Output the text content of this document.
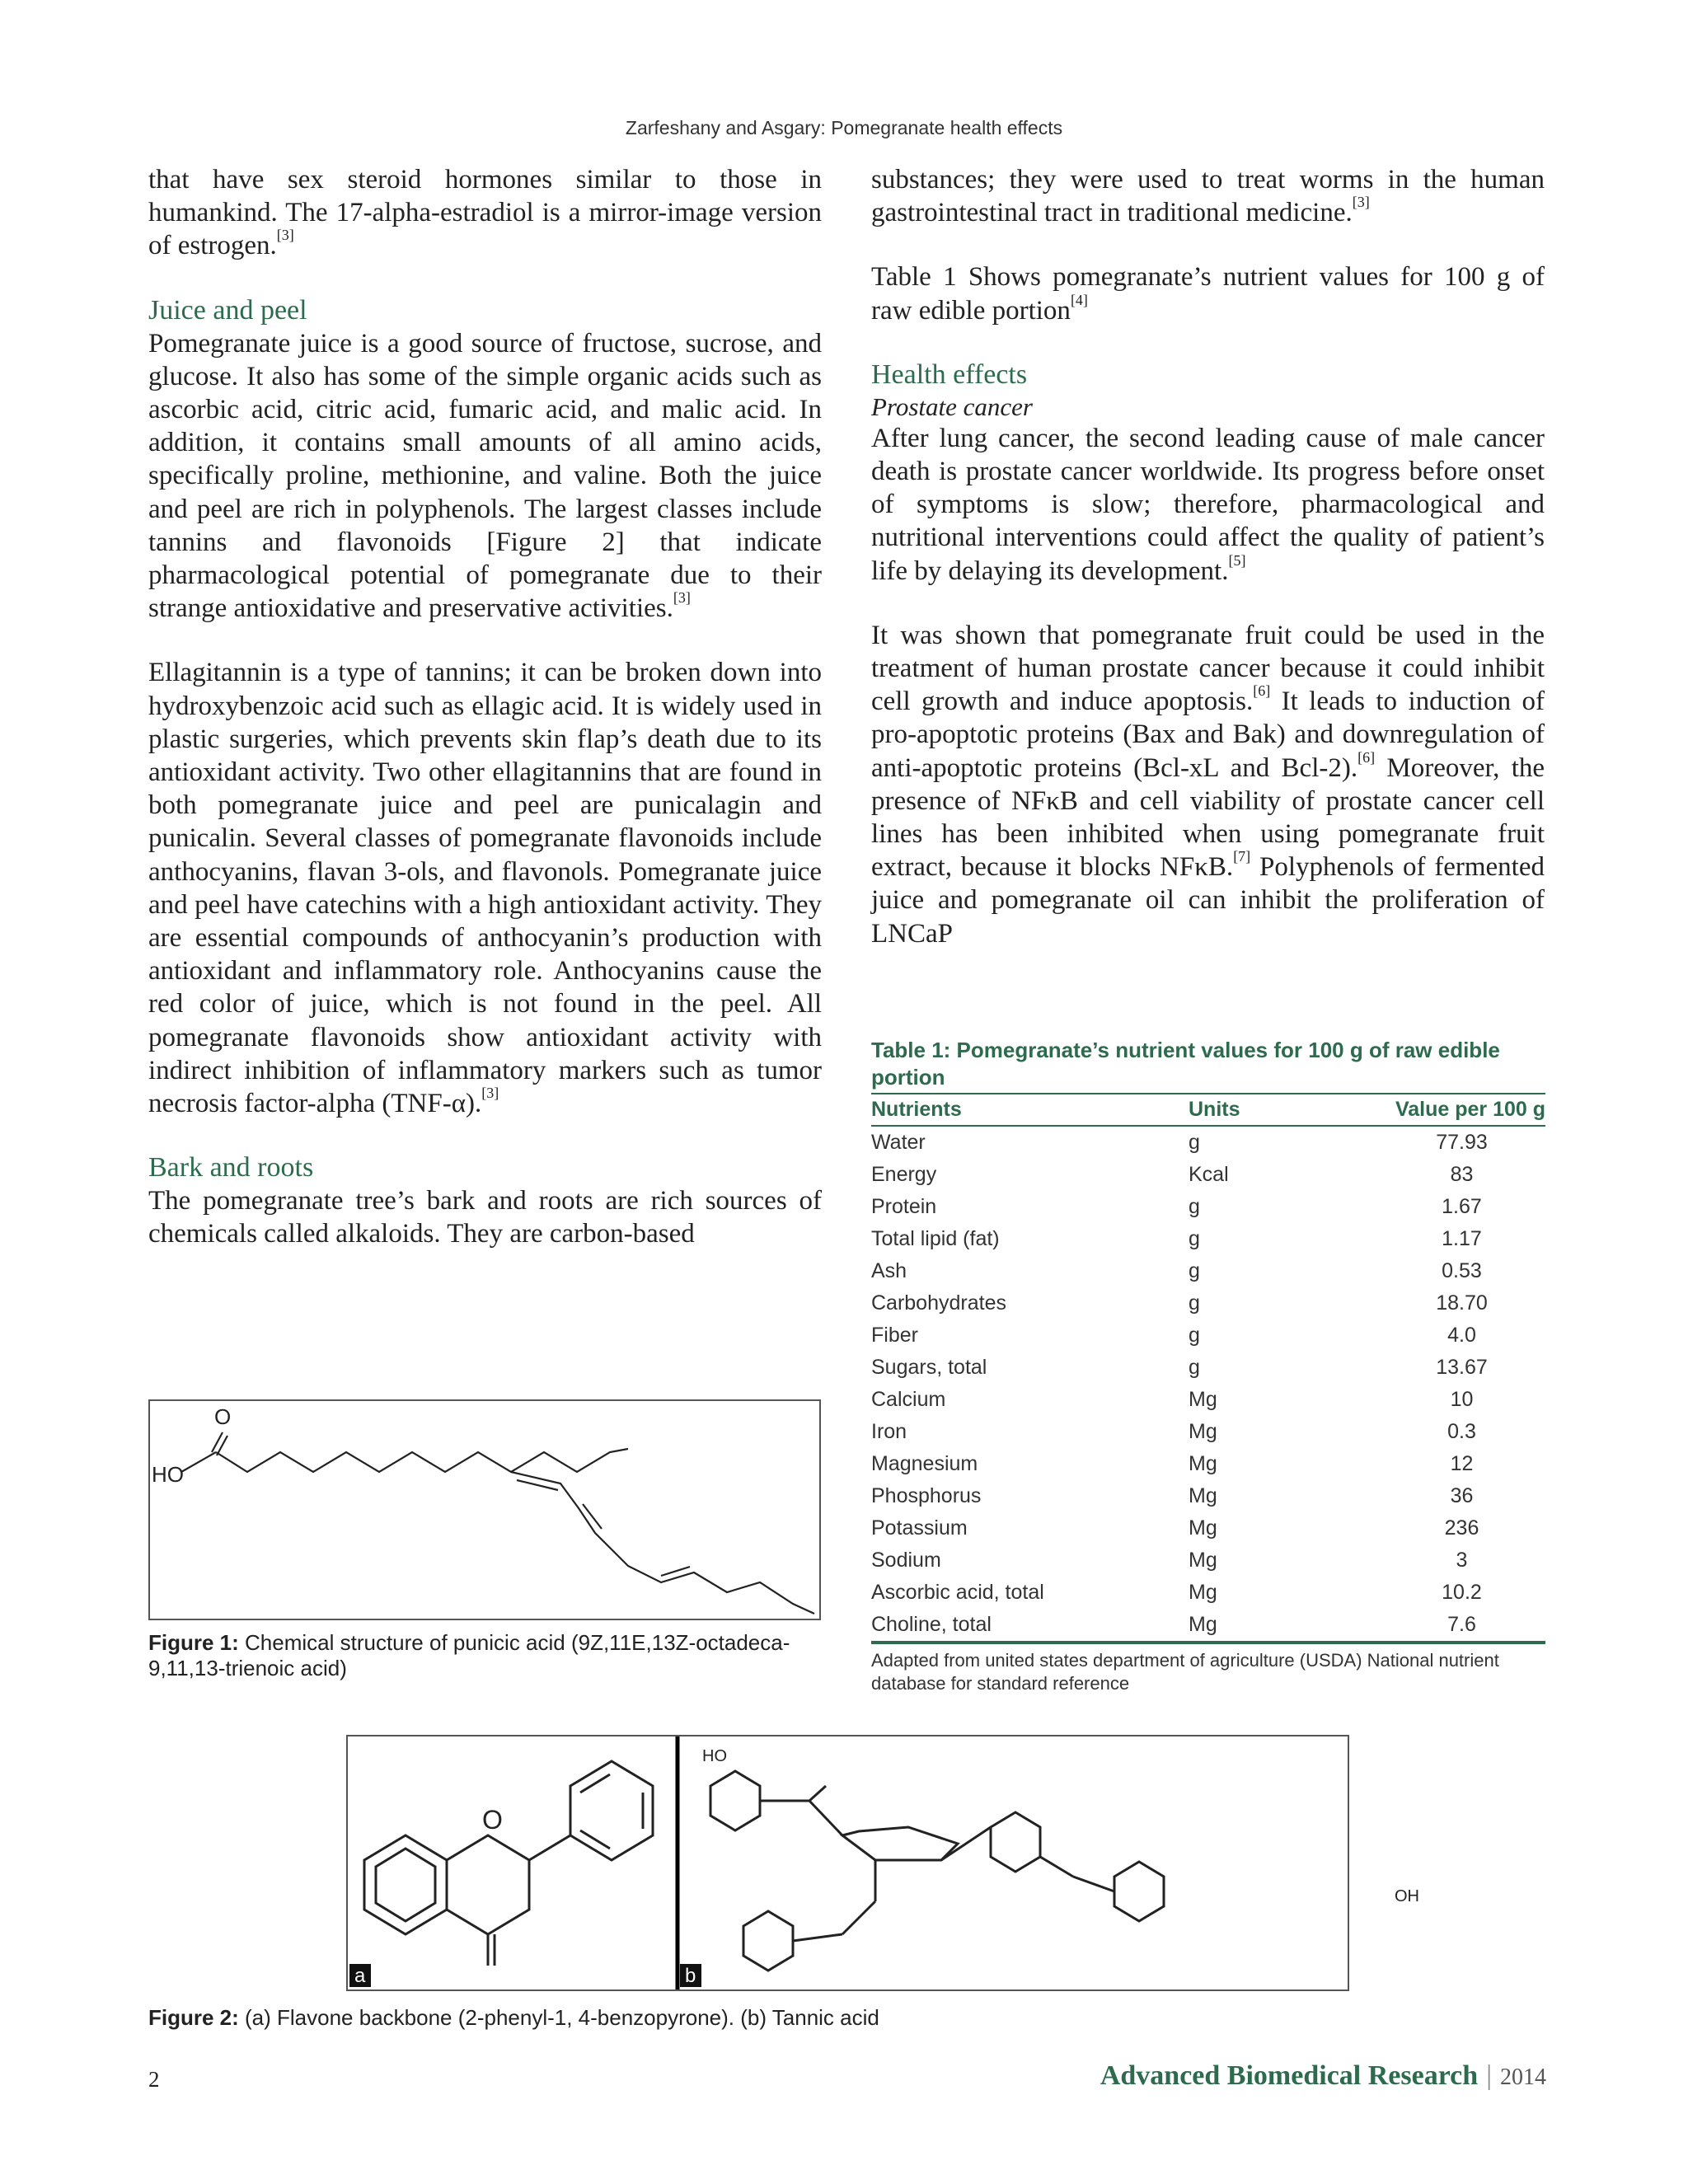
Zarfeshany and Asgary: Pomegranate health effects

that have sex steroid hormones similar to those in humankind. The 17-alpha-estradiol is a mirror-image version of estrogen.[3]

Juice and peel

Pomegranate juice is a good source of fructose, sucrose, and glucose. It also has some of the simple organic acids such as ascorbic acid, citric acid, fumaric acid, and malic acid. In addition, it contains small amounts of all amino acids, specifically proline, methionine, and valine. Both the juice and peel are rich in polyphenols. The largest classes include tannins and flavonoids [Figure 2] that indicate pharmacological potential of pomegranate due to their strange antioxidative and preservative activities.[3]

Ellagitannin is a type of tannins; it can be broken down into hydroxybenzoic acid such as ellagic acid. It is widely used in plastic surgeries, which prevents skin flap’s death due to its antioxidant activity. Two other ellagitannins that are found in both pomegranate juice and peel are punicalagin and punicalin. Several classes of pomegranate flavonoids include anthocyanins, flavan 3-ols, and flavonols. Pomegranate juice and peel have catechins with a high antioxidant activity. They are essential compounds of anthocyanin’s production with antioxidant and inflammatory role. Anthocyanins cause the red color of juice, which is not found in the peel. All pomegranate flavonoids show antioxidant activity with indirect inhibition of inflammatory markers such as tumor necrosis factor-alpha (TNF-α).[3]

Bark and roots

The pomegranate tree’s bark and roots are rich sources of chemicals called alkaloids. They are carbon-based

substances; they were used to treat worms in the human gastrointestinal tract in traditional medicine.[3]

Table 1 Shows pomegranate’s nutrient values for 100 g of raw edible portion[4]

Health effects
Prostate cancer

After lung cancer, the second leading cause of male cancer death is prostate cancer worldwide. Its progress before onset of symptoms is slow; therefore, pharmacological and nutritional interventions could affect the quality of patient’s life by delaying its development.[5]

It was shown that pomegranate fruit could be used in the treatment of human prostate cancer because it could inhibit cell growth and induce apoptosis.[6] It leads to induction of pro-apoptotic proteins (Bax and Bak) and downregulation of anti-apoptotic proteins (Bcl-xL and Bcl-2).[6] Moreover, the presence of NFκB and cell viability of prostate cancer cell lines has been inhibited when using pomegranate fruit extract, because it blocks NFκB.[7] Polyphenols of fermented juice and pomegranate oil can inhibit the proliferation of LNCaP

O
HO
Figure 1: Chemical structure of punicic acid (9Z,11E,13Z-octadeca-9,11,13-trienoic acid)
Table 1: Pomegranate’s nutrient values for 100 g of raw edible portion
Nutrients	Units	Value per 100 g
Water	g	77.93
Energy	Kcal	83
Protein	g	1.67
Total lipid (fat)	g	1.17
Ash	g	0.53
Carbohydrates	g	18.70
Fiber	g	4.0
Sugars, total	g	13.67
Calcium	Mg	10
Iron	Mg	0.3
Magnesium	Mg	12
Phosphorus	Mg	36
Potassium	Mg	236
Sodium	Mg	3
Ascorbic acid, total	Mg	10.2
Choline, total	Mg	7.6
Adapted from united states department of agriculture (USDA) National nutrient database for standard reference
a	b
O
HO
OH
Figure 2: (a) Flavone backbone (2-phenyl-1, 4-benzopyrone). (b) Tannic acid
2	Advanced Biomedical Research | 2014
